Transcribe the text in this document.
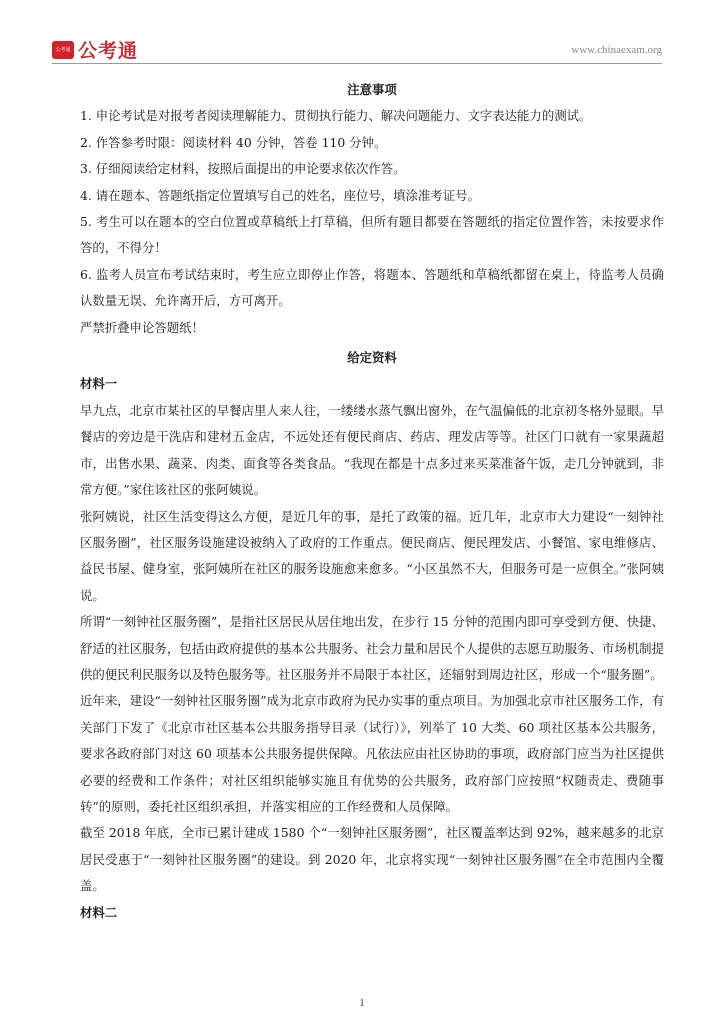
公考通 公考通	www.chinaexam.org

注意事项

1. 申论考试是对报考者阅读理解能力、贯彻执行能力、解决问题能力、文字表达能力的测试。

2. 作答参考时限：阅读材料 40 分钟，答卷 110 分钟。

3. 仔细阅读给定材料，按照后面提出的申论要求依次作答。

4. 请在题本、答题纸指定位置填写自己的姓名，座位号，填涂准考证号。

5. 考生可以在题本的空白位置或草稿纸上打草稿，但所有题目都要在答题纸的指定位置作答，未按要求作答的，不得分！

6. 监考人员宣布考试结束时，考生应立即停止作答，将题本、答题纸和草稿纸都留在桌上，待监考人员确认数量无误、允许离开后，方可离开。

严禁折叠申论答题纸！

给定资料

材料一

早九点，北京市某社区的早餐店里人来人往，一缕缕水蒸气飘出窗外，在气温偏低的北京初冬格外显眼。早餐店的旁边是干洗店和建材五金店，不远处还有便民商店、药店、理发店等等。社区门口就有一家果蔬超市，出售水果、蔬菜、肉类、面食等各类食品。“我现在都是十点多过来买菜准备午饭，走几分钟就到，非常方便。”家住该社区的张阿姨说。

张阿姨说，社区生活变得这么方便，是近几年的事，是托了政策的福。近几年，北京市大力建设“一刻钟社区服务圈”，社区服务设施建设被纳入了政府的工作重点。便民商店、便民理发店、小餐馆、家电维修店、益民书屋、健身室，张阿姨所在社区的服务设施愈来愈多。“小区虽然不大，但服务可是一应俱全。”张阿姨说。

所谓“一刻钟社区服务圈”，是指社区居民从居住地出发，在步行 15 分钟的范围内即可享受到方便、快捷、舒适的社区服务，包括由政府提供的基本公共服务、社会力量和居民个人提供的志愿互助服务、市场机制提供的便民利民服务以及特色服务等。社区服务并不局限于本社区，还辐射到周边社区，形成一个“服务圈”。

近年来，建设“一刻钟社区服务圈”成为北京市政府为民办实事的重点项目。为加强北京市社区服务工作，有关部门下发了《北京市社区基本公共服务指导目录（试行）》，列举了 10 大类、60 项社区基本公共服务，要求各政府部门对这 60 项基本公共服务提供保障。凡依法应由社区协助的事项，政府部门应当为社区提供必要的经费和工作条件；对社区组织能够实施且有优势的公共服务，政府部门应按照“权随责走、费随事转”的原则，委托社区组织承担，并落实相应的工作经费和人员保障。

截至 2018 年底，全市已累计建成 1580 个“一刻钟社区服务圈”，社区覆盖率达到 92%，越来越多的北京居民受惠于“一刻钟社区服务圈”的建设。到 2020 年，北京将实现“一刻钟社区服务圈”在全市范围内全覆盖。

材料二

1
